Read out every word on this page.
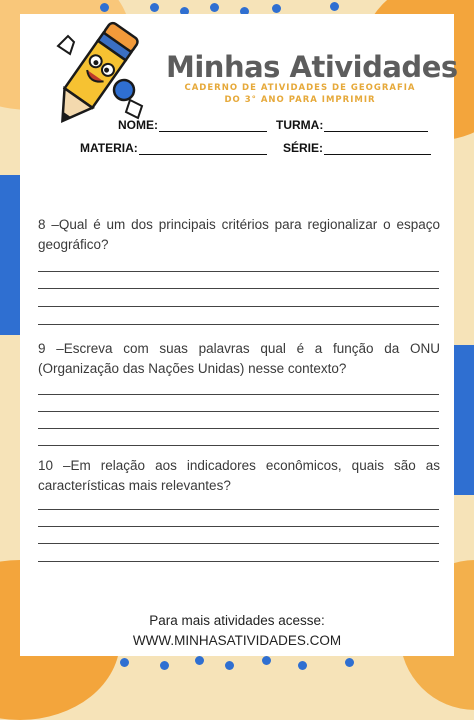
Minhas Atividades
CADERNO DE ATIVIDADES DE GEOGRAFIA
DO 3° ANO PARA IMPRIMIR
NOME:	TURMA:
MATERIA:	SÉRIE:
8 –Qual é um dos principais critérios para regionalizar o espaço geográfico?
9 –Escreva com suas palavras qual é a função da ONU (Organização das Nações Unidas) nesse contexto?
10 –Em relação aos indicadores econômicos, quais são as características mais relevantes?
Para mais atividades acesse:
WWW.MINHASATIVIDADES.COM
